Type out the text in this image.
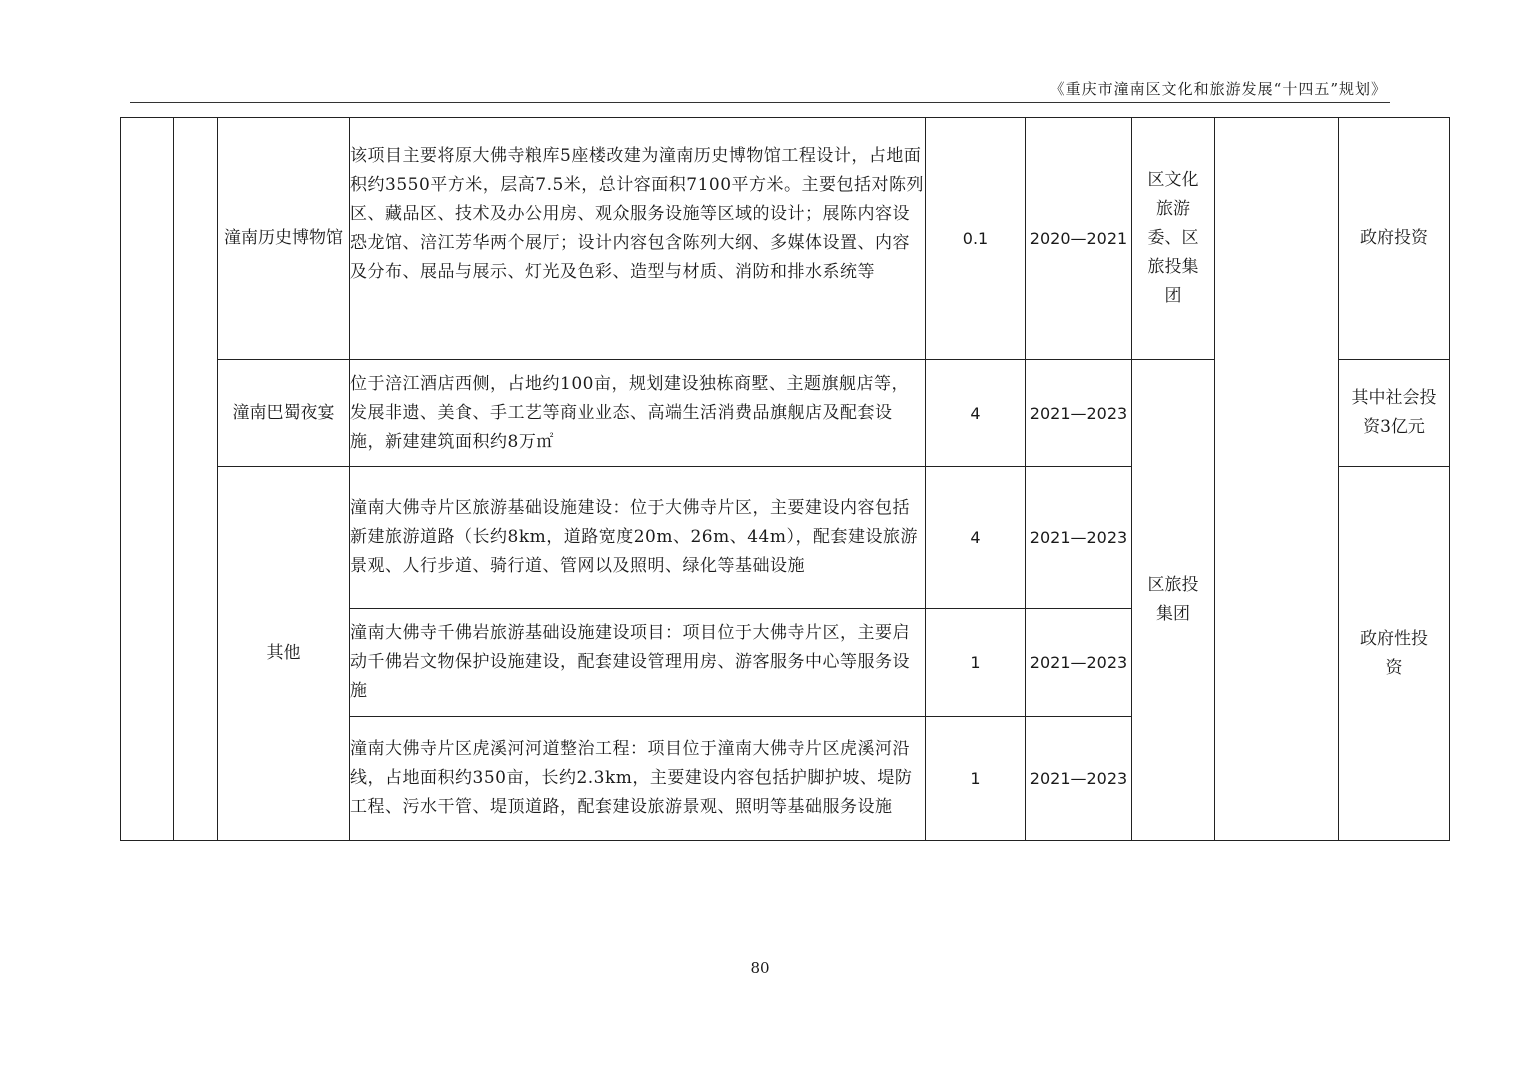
《重庆市潼南区文化和旅游发展“十四五”规划》
		潼南历史博物馆	该项目主要将原大佛寺粮库5座楼改建为潼南历史博物馆工程设计，占地面积约3550平方米，层高7.5米，总计容面积7100平方米。主要包括对陈列区、藏品区、技术及办公用房、观众服务设施等区域的设计；展陈内容设恐龙馆、涪江芳华两个展厅；设计内容包含陈列大纲、多媒体设置、内容及分布、展品与展示、灯光及色彩、造型与材质、消防和排水系统等	0.1	2020—2021	区文化旅游委、区旅投集团		政府投资
		潼南巴蜀夜宴	位于涪江酒店西侧，占地约100亩，规划建设独栋商墅、主题旗舰店等，发展非遗、美食、手工艺等商业业态、高端生活消费品旗舰店及配套设施，新建建筑面积约8万㎡	4	2021—2023	区旅投集团		其中社会投资3亿元
		其他	潼南大佛寺片区旅游基础设施建设：位于大佛寺片区，主要建设内容包括新建旅游道路（长约8km，道路宽度20m、26m、44m），配套建设旅游景观、人行步道、骑行道、管网以及照明、绿化等基础设施	4	2021—2023			政府性投资
			潼南大佛寺千佛岩旅游基础设施建设项目：项目位于大佛寺片区，主要启动千佛岩文物保护设施建设，配套建设管理用房、游客服务中心等服务设施	1	2021—2023			
			潼南大佛寺片区虎溪河河道整治工程：项目位于潼南大佛寺片区虎溪河沿线，占地面积约350亩，长约2.3km，主要建设内容包括护脚护坡、堤防工程、污水干管、堤顶道路，配套建设旅游景观、照明等基础服务设施	1	2021—2023			
80
